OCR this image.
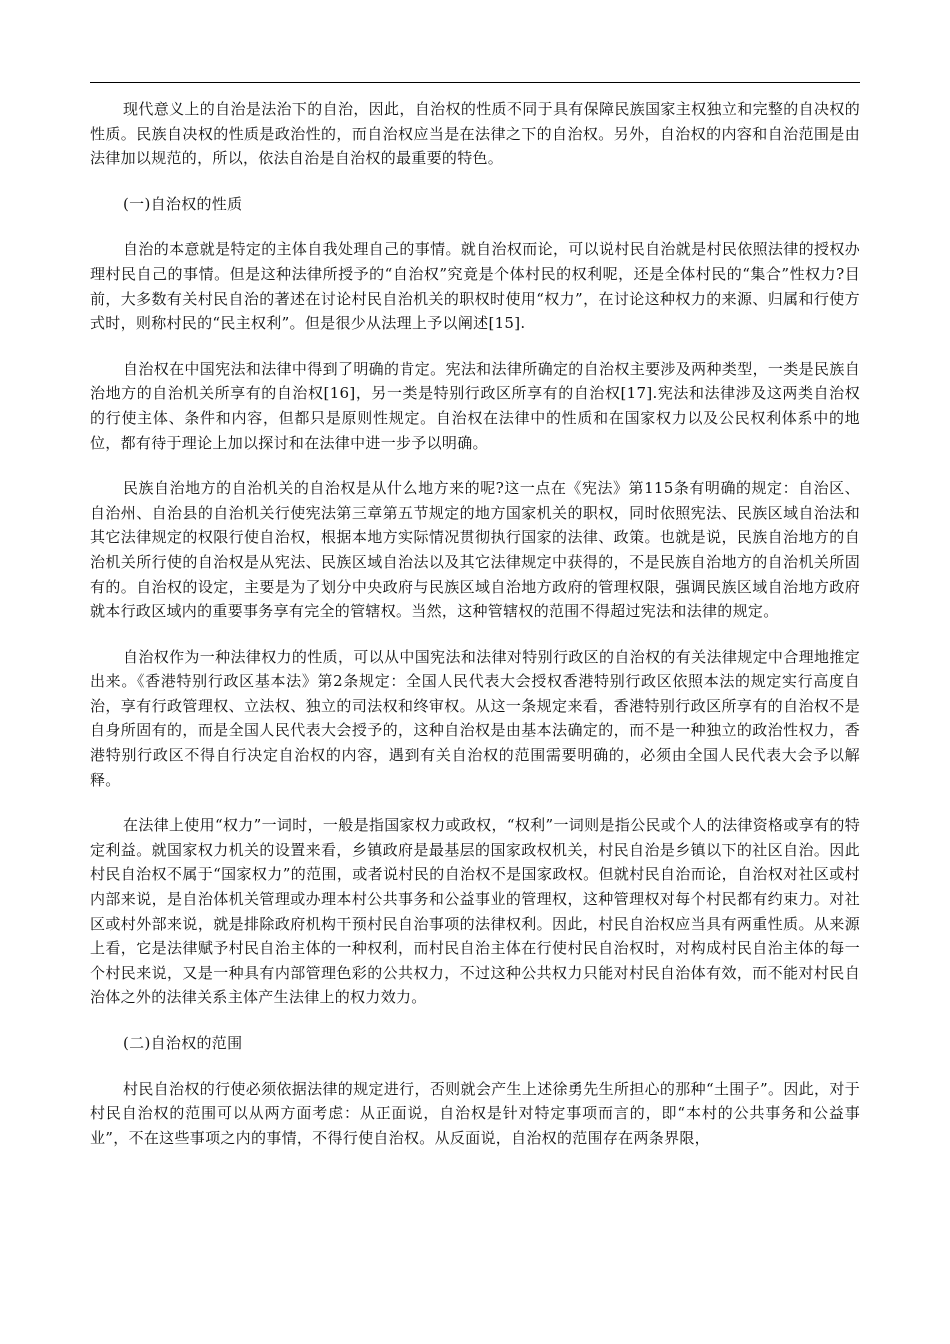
现代意义上的自治是法治下的自治，因此，自治权的性质不同于具有保障民族国家主权独立和完整的自决权的性质。民族自决权的性质是政治性的，而自治权应当是在法律之下的自治权。另外，自治权的内容和自治范围是由法律加以规范的，所以，依法自治是自治权的最重要的特色。

(一)自治权的性质

自治的本意就是特定的主体自我处理自己的事情。就自治权而论，可以说村民自治就是村民依照法律的授权办理村民自己的事情。但是这种法律所授予的“自治权”究竟是个体村民的权利呢，还是全体村民的“集合”性权力?目前，大多数有关村民自治的著述在讨论村民自治机关的职权时使用“权力”，在讨论这种权力的来源、归属和行使方式时，则称村民的“民主权利”。但是很少从法理上予以阐述[15].

自治权在中国宪法和法律中得到了明确的肯定。宪法和法律所确定的自治权主要涉及两种类型，一类是民族自治地方的自治机关所享有的自治权[16]，另一类是特别行政区所享有的自治权[17].宪法和法律涉及这两类自治权的行使主体、条件和内容，但都只是原则性规定。自治权在法律中的性质和在国家权力以及公民权利体系中的地位，都有待于理论上加以探讨和在法律中进一步予以明确。

民族自治地方的自治机关的自治权是从什么地方来的呢?这一点在《宪法》第115条有明确的规定：自治区、自治州、自治县的自治机关行使宪法第三章第五节规定的地方国家机关的职权，同时依照宪法、民族区域自治法和其它法律规定的权限行使自治权，根据本地方实际情况贯彻执行国家的法律、政策。也就是说，民族自治地方的自治机关所行使的自治权是从宪法、民族区域自治法以及其它法律规定中获得的，不是民族自治地方的自治机关所固有的。自治权的设定，主要是为了划分中央政府与民族区域自治地方政府的管理权限，强调民族区域自治地方政府就本行政区域内的重要事务享有完全的管辖权。当然，这种管辖权的范围不得超过宪法和法律的规定。

自治权作为一种法律权力的性质，可以从中国宪法和法律对特别行政区的自治权的有关法律规定中合理地推定出来。《香港特别行政区基本法》第2条规定：全国人民代表大会授权香港特别行政区依照本法的规定实行高度自治，享有行政管理权、立法权、独立的司法权和终审权。从这一条规定来看，香港特别行政区所享有的自治权不是自身所固有的，而是全国人民代表大会授予的，这种自治权是由基本法确定的，而不是一种独立的政治性权力，香港特别行政区不得自行决定自治权的内容，遇到有关自治权的范围需要明确的，必须由全国人民代表大会予以解释。

在法律上使用“权力”一词时，一般是指国家权力或政权，“权利”一词则是指公民或个人的法律资格或享有的特定利益。就国家权力机关的设置来看，乡镇政府是最基层的国家政权机关，村民自治是乡镇以下的社区自治。因此村民自治权不属于“国家权力”的范围，或者说村民的自治权不是国家政权。但就村民自治而论，自治权对社区或村内部来说，是自治体机关管理或办理本村公共事务和公益事业的管理权，这种管理权对每个村民都有约束力。对社区或村外部来说，就是排除政府机构干预村民自治事项的法律权利。因此，村民自治权应当具有两重性质。从来源上看，它是法律赋予村民自治主体的一种权利，而村民自治主体在行使村民自治权时，对构成村民自治主体的每一个村民来说，又是一种具有内部管理色彩的公共权力，不过这种公共权力只能对村民自治体有效，而不能对村民自治体之外的法律关系主体产生法律上的权力效力。

(二)自治权的范围

村民自治权的行使必须依据法律的规定进行，否则就会产生上述徐勇先生所担心的那种“土围子”。因此，对于村民自治权的范围可以从两方面考虑：从正面说，自治权是针对特定事项而言的，即“本村的公共事务和公益事业”，不在这些事项之内的事情，不得行使自治权。从反面说，自治权的范围存在两条界限，
